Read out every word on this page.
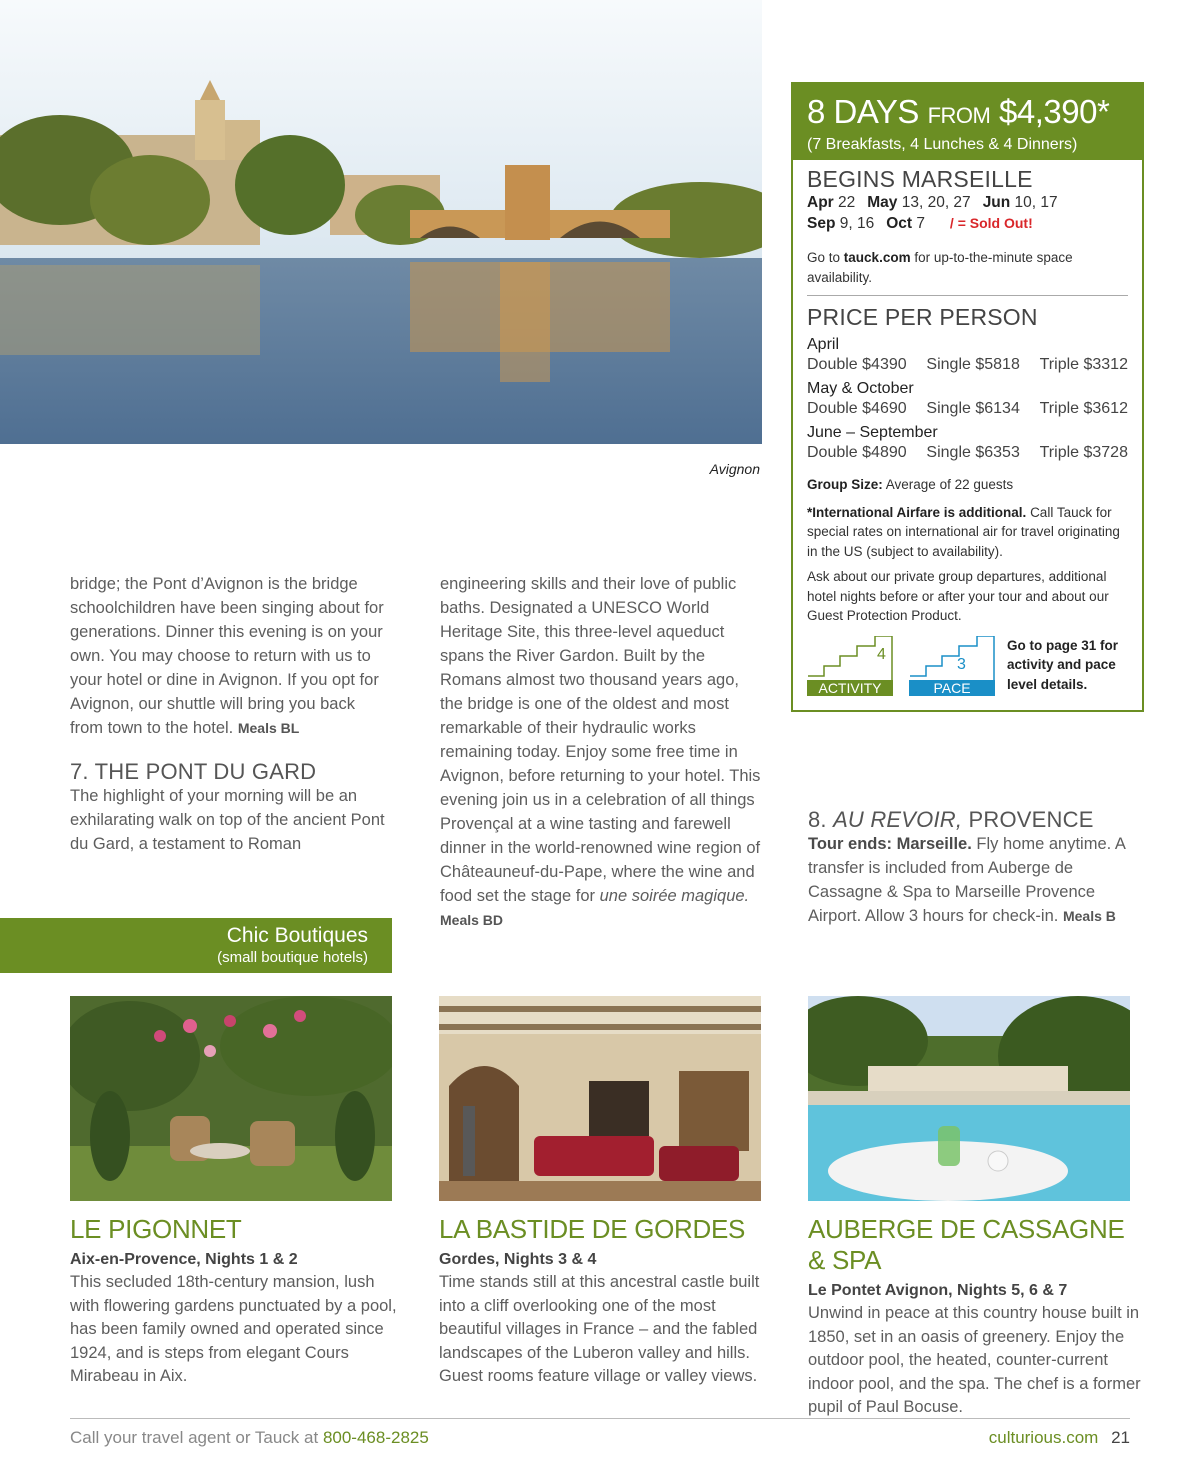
Avignon

bridge; the Pont d’Avignon is the bridge schoolchildren have been singing about for generations. Dinner this evening is on your own. You may choose to return with us to your hotel or dine in Avignon. If you opt for Avignon, our shuttle will bring you back from town to the hotel. Meals BL

7. THE PONT DU GARD

The highlight of your morning will be an exhilarating walk on top of the ancient Pont du Gard, a testament to Roman

engineering skills and their love of public baths. Designated a UNESCO World Heritage Site, this three-level aqueduct spans the River Gardon. Built by the Romans almost two thousand years ago, the bridge is one of the oldest and most remarkable of their hydraulic works remaining today. Enjoy some free time in Avignon, before returning to your hotel. This evening join us in a celebration of all things Provençal at a wine tasting and farewell dinner in the world-renowned wine region of Châteauneuf-du-Pape, where the wine and food set the stage for une soirée magique. Meals BD

8 DAYS FROM $4,390*
(7 Breakfasts, 4 Lunches & 4 Dinners)
BEGINS MARSEILLE
Apr 22 May 13, 20, 27 Jun 10, 17
Sep 9, 16 Oct 7 / = Sold Out!
Go to tauck.com for up-to-the-minute space availability.
PRICE PER PERSON
April
Double $4390 Single $5818 Triple $3312
May & October
Double $4690 Single $6134 Triple $3612
June – September
Double $4890 Single $6353 Triple $3728
Group Size: Average of 22 guests
*International Airfare is additional. Call Tauck for special rates on international air for travel originating in the US (subject to availability).
Ask about our private group departures, additional hotel nights before or after your tour and about our Guest Protection Product.
4
ACTIVITY
3
PACE
Go to page 31 for activity and pace level details.
8. AU REVOIR, PROVENCE

Tour ends: Marseille. Fly home anytime. A transfer is included from Auberge de Cassagne & Spa to Marseille Provence Airport. Allow 3 hours for check-in. Meals B

Chic Boutiques
(small boutique hotels)
LE PIGONNET
Aix-en-Provence, Nights 1 & 2
This secluded 18th-century mansion, lush with flowering gardens punctuated by a pool, has been family owned and operated since 1924, and is steps from elegant Cours Mirabeau in Aix.
LA BASTIDE DE GORDES
Gordes, Nights 3 & 4
Time stands still at this ancestral castle built into a cliff overlooking one of the most beautiful villages in France – and the fabled landscapes of the Luberon valley and hills. Guest rooms feature village or valley views.
AUBERGE DE CASSAGNE & SPA
Le Pontet Avignon, Nights 5, 6 & 7
Unwind in peace at this country house built in 1850, set in an oasis of greenery. Enjoy the outdoor pool, the heated, counter-current indoor pool, and the spa. The chef is a former pupil of Paul Bocuse.
Call your travel agent or Tauck at 800-468-2825	culturious.com 21
